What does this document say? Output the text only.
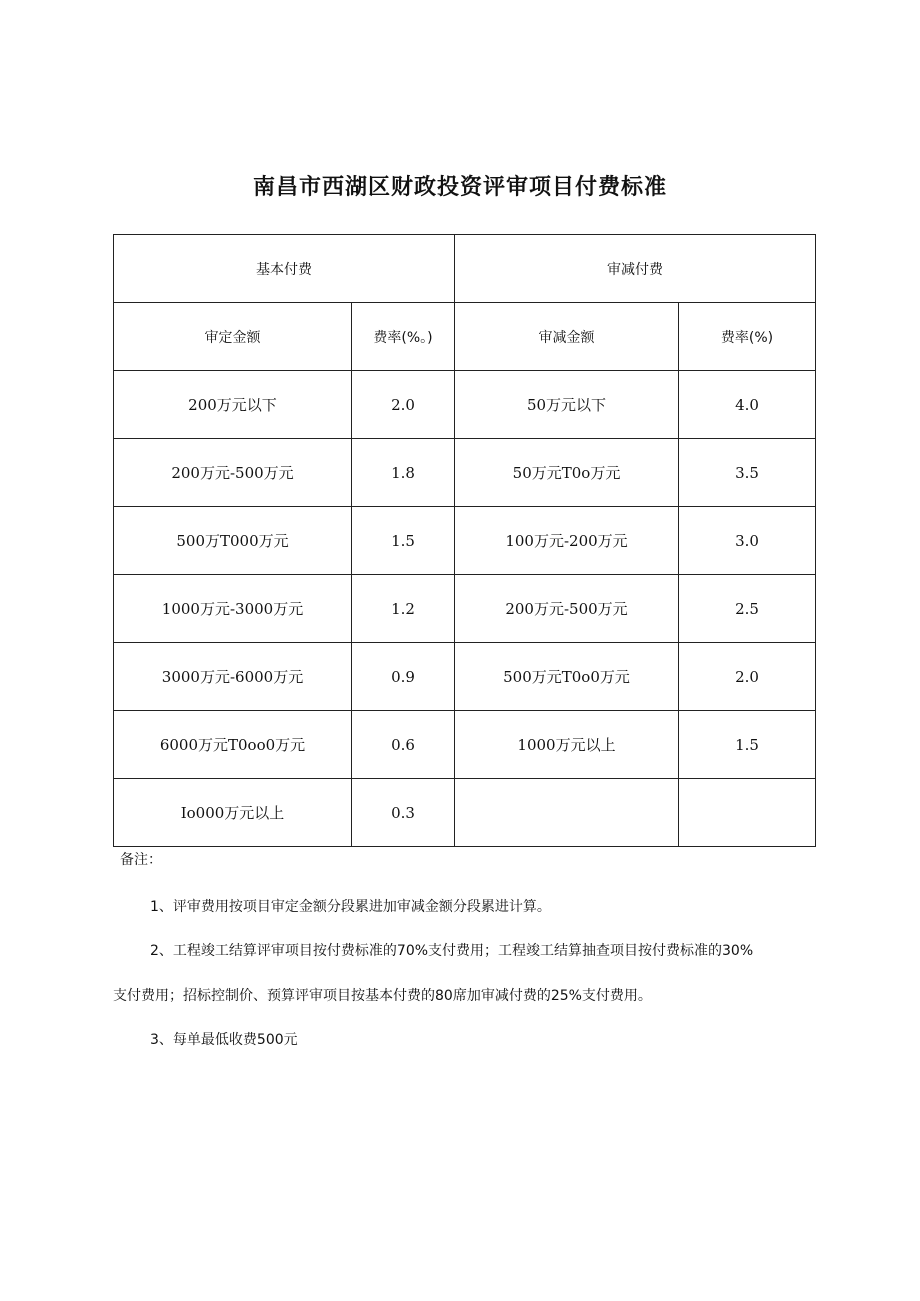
南昌市西湖区财政投资评审项目付费标准
基本付费		审减付费	
审定金额	费率(%。)	审减金额	费率(%)
200万元以下	2.0	50万元以下	4.0
200万元-500万元	1.8	50万元T0o万元	3.5
500万T000万元	1.5	100万元-200万元	3.0
1000万元-3000万元	1.2	200万元-500万元	2.5
3000万元-6000万元	0.9	500万元T0o0万元	2.0
6000万元T0oo0万元	0.6	1000万元以上	1.5
Io000万元以上	0.3		
备注：
1、评审费用按项目审定金额分段累进加审减金额分段累进计算。
2、工程竣工结算评审项目按付费标准的70%支付费用；工程竣工结算抽查项目按付费标准的30%
支付费用；招标控制价、预算评审项目按基本付费的80席加审减付费的25%支付费用。
3、每单最低收费500元
